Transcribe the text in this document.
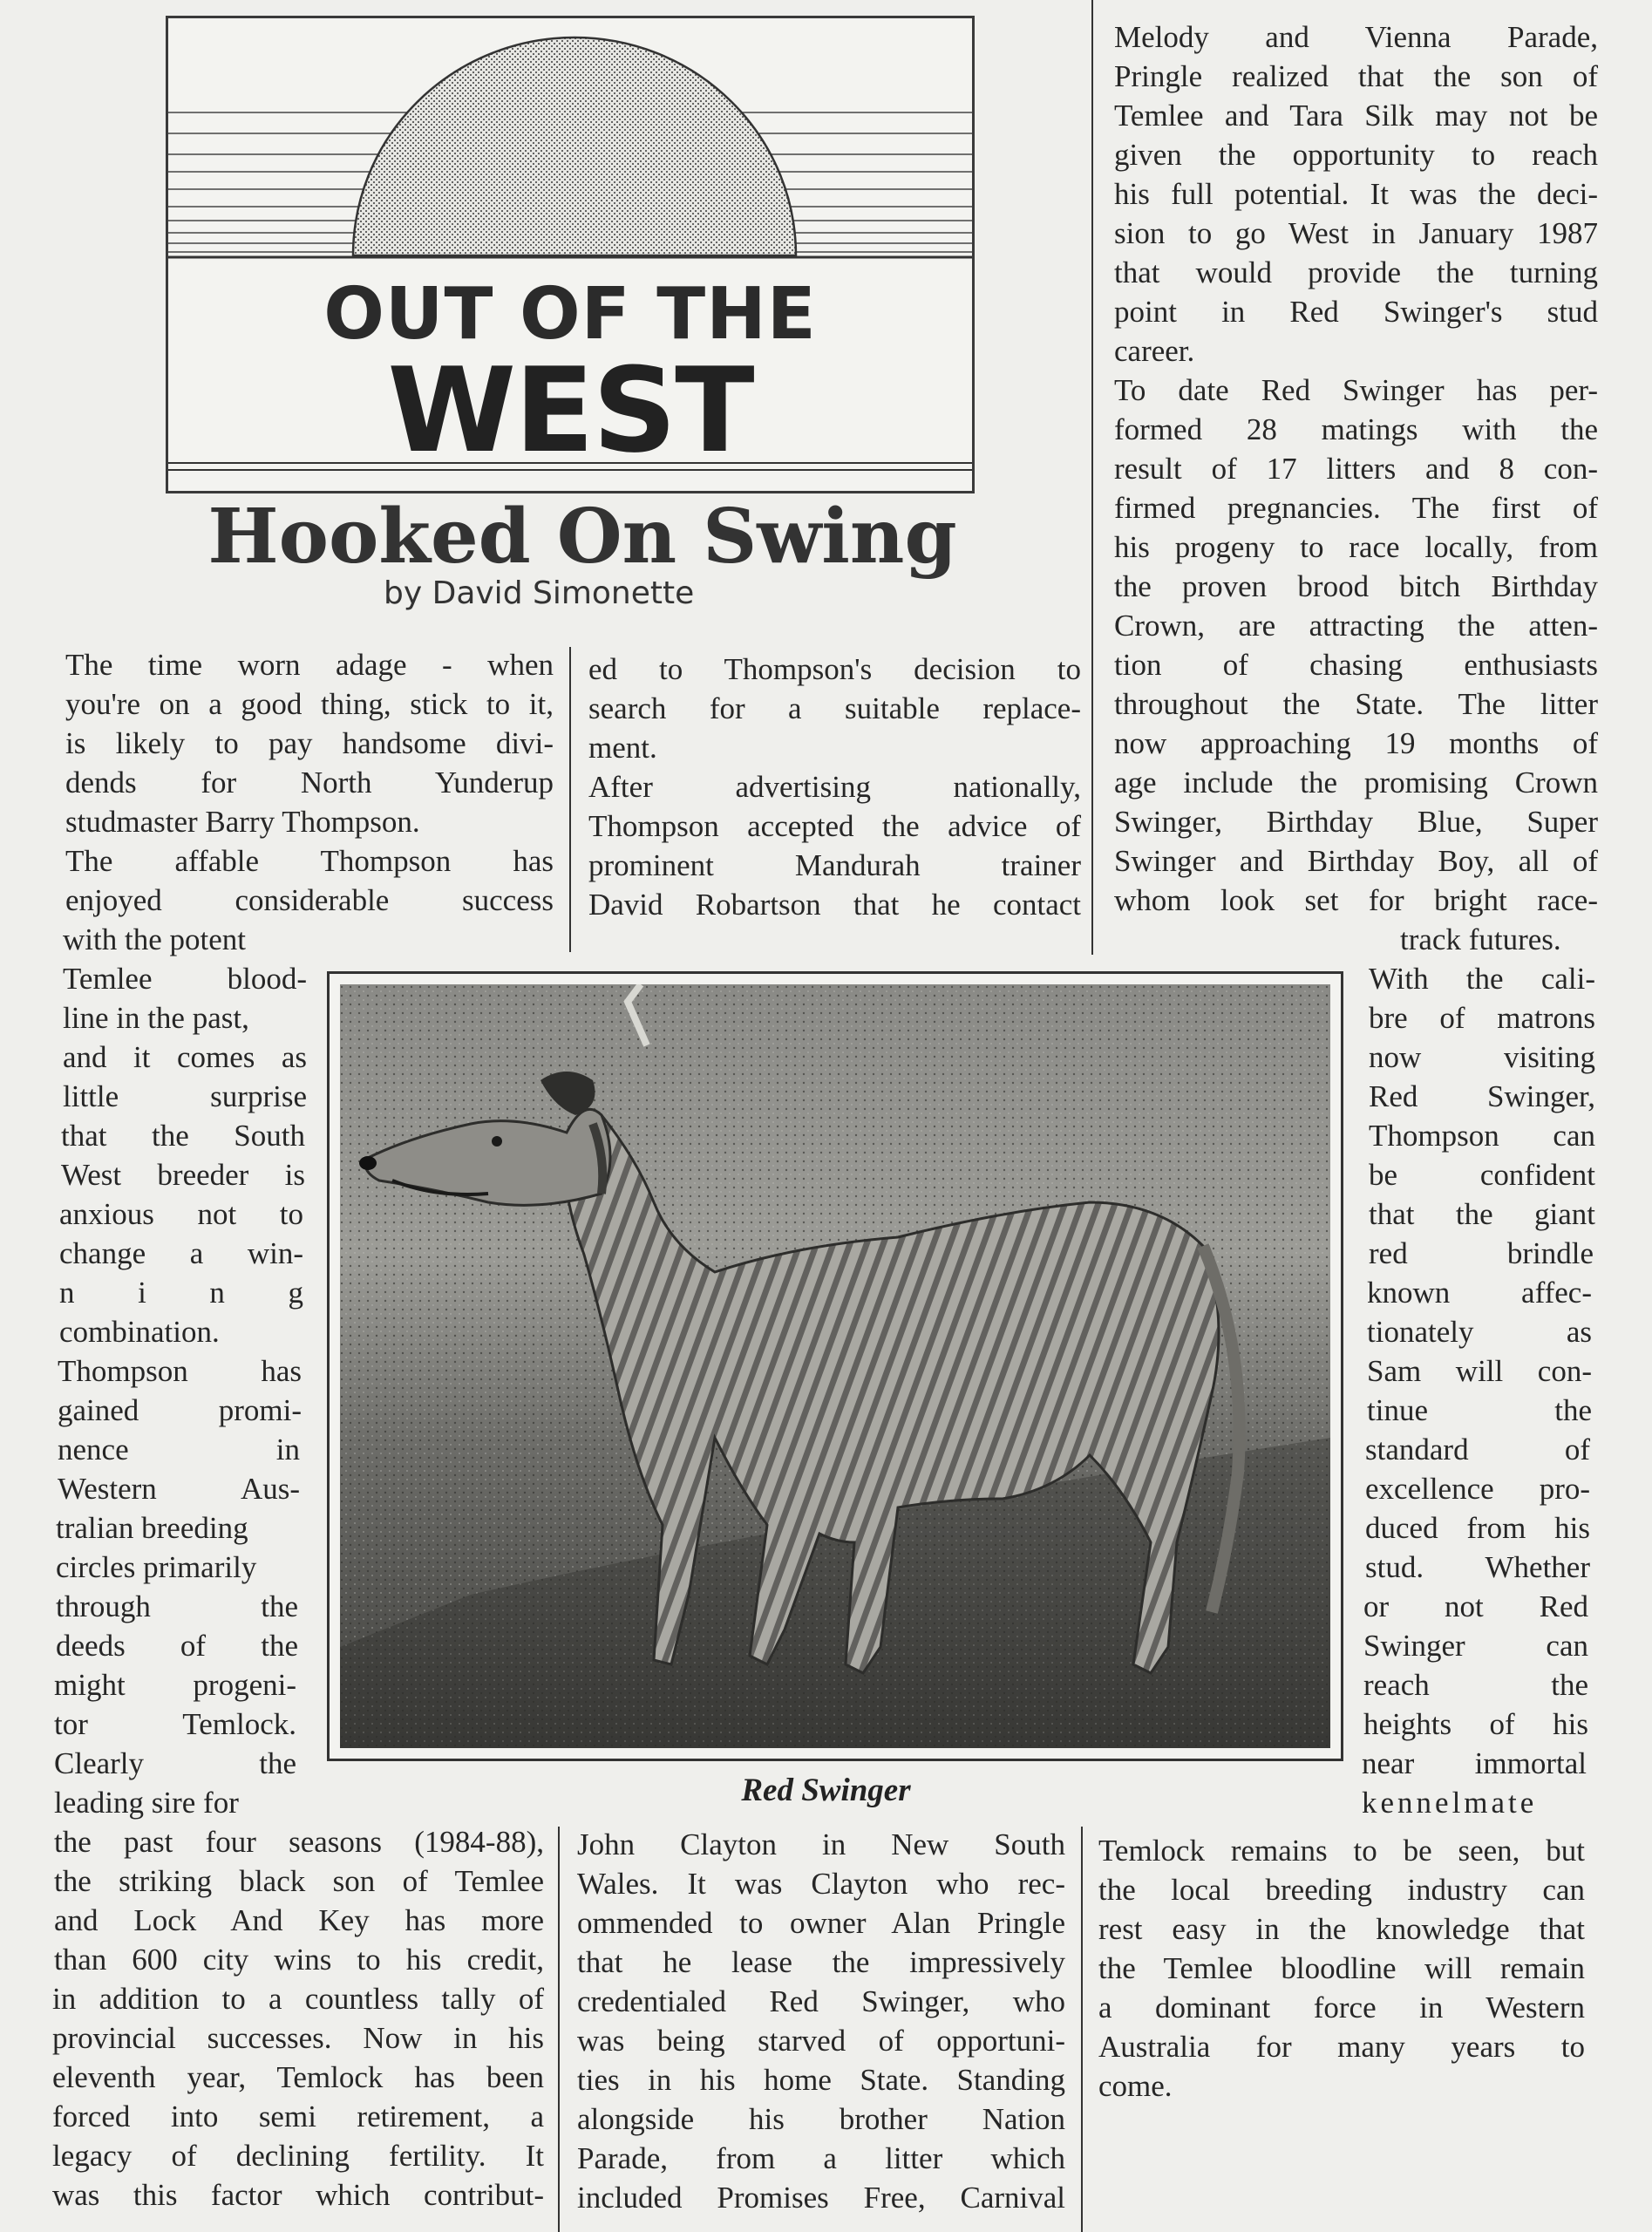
OUT OF THE
WEST
Hooked On Swing
by David Simonette
The time worn adage - when
you're on a good thing, stick to it,
is likely to pay handsome divi-
dends for North Yunderup
studmaster Barry Thompson.
The affable Thompson has
enjoyed considerable success
with the potent
Temlee blood-
line in the past,
and it comes as
little surprise
that the South
West breeder is
anxious not to
change a win-
n i n g
combination.
Thompson has
gained promi-
nence in
Western Aus-
tralian breeding
circles primarily
through the
deeds of the
might progeni-
tor Temlock.
Clearly the
leading sire for
the past four seasons (1984-88),
the striking black son of Temlee
and Lock And Key has more
than 600 city wins to his credit,
in addition to a countless tally of
provincial successes. Now in his
eleventh year, Temlock has been
forced into semi retirement, a
legacy of declining fertility. It
was this factor which contribut-
ed to Thompson's decision to
search for a suitable replace-
ment.
After advertising nationally,
Thompson accepted the advice of
prominent Mandurah trainer
David Robartson that he contact
John Clayton in New South
Wales. It was Clayton who rec-
ommended to owner Alan Pringle
that he lease the impressively
credentialed Red Swinger, who
was being starved of opportuni-
ties in his home State. Standing
alongside his brother Nation
Parade, from a litter which
included Promises Free, Carnival
Melody and Vienna Parade,
Pringle realized that the son of
Temlee and Tara Silk may not be
given the opportunity to reach
his full potential. It was the deci-
sion to go West in January 1987
that would provide the turning
point in Red Swinger's stud
career.
To date Red Swinger has per-
formed 28 matings with the
result of 17 litters and 8 con-
firmed pregnancies. The first of
his progeny to race locally, from
the proven brood bitch Birthday
Crown, are attracting the atten-
tion of chasing enthusiasts
throughout the State. The litter
now approaching 19 months of
age include the promising Crown
Swinger, Birthday Blue, Super
Swinger and Birthday Boy, all of
whom look set for bright race-
track futures.
With the cali-
bre of matrons
now visiting
Red Swinger,
Thompson can
be confident
that the giant
red brindle
known affec-
tionately as
Sam will con-
tinue the
standard of
excellence pro-
duced from his
stud. Whether
or not Red
Swinger can
reach the
heights of his
near immortal
kennelmate
Temlock remains to be seen, but
the local breeding industry can
rest easy in the knowledge that
the Temlee bloodline will remain
a dominant force in Western
Australia for many years to
come.
Red Swinger
